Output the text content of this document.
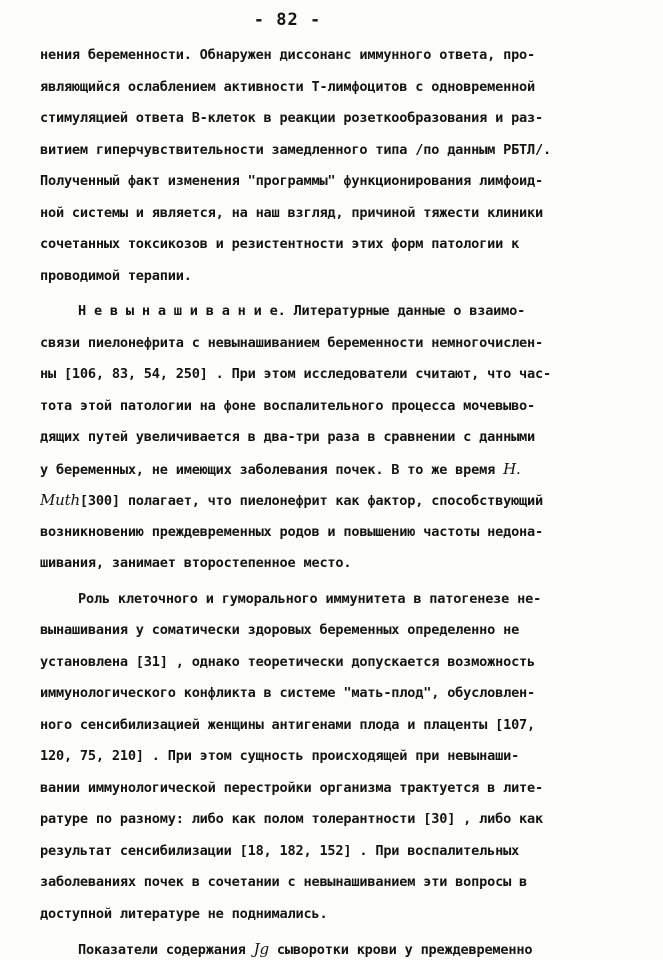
- 82 -
нения беременности. Обнаружен диссонанс иммунного ответа, про-
являющийся ослаблением активности Т-лимфоцитов с одновременной
стимуляцией ответа В-клеток в реакции розеткообразования и раз-
витием гиперчувствительности замедленного типа /по данным РБТЛ/.
Полученный факт изменения "программы" функционирования лимфоид-
ной системы и является, на наш взгляд, причиной тяжести клиники
сочетанных токсикозов и резистентности этих форм патологии к
проводимой терапии.
Н е в ы н а ш и в а н и е. Литературные данные о взаимо-
связи пиелонефрита с невынашиванием беременности немногочислен-
ны [106, 83, 54, 250] . При этом исследователи считают, что час-
тота этой патологии на фоне воспалительного процесса мочевыво-
дящих путей увеличивается в два-три раза в сравнении с данными
у беременных, не имеющих заболевания почек. В то же время H.
Muth[300] полагает, что пиелонефрит как фактор, способствующий
возникновению преждевременных родов и повышению частоты недона-
шивания, занимает второстепенное место.
Роль клеточного и гуморального иммунитета в патогенезе не-
вынашивания у соматически здоровых беременных определенно не
установлена [31] , однако теоретически допускается возможность
иммунологического конфликта в системе "мать-плод", обусловлен-
ного сенсибилизацией женщины антигенами плода и плаценты [107,
120, 75, 210] . При этом сущность происходящей при невынаши-
вании иммунологической перестройки организма трактуется в лите-
ратуре по разному: либо как полом толерантности [30] , либо как
результат сенсибилизации [18, 182, 152] . При воспалительных
заболеваниях почек в сочетании с невынашиванием эти вопросы в
доступной литературе не поднимались.
Показатели содержания Jg сыворотки крови у преждевременно
